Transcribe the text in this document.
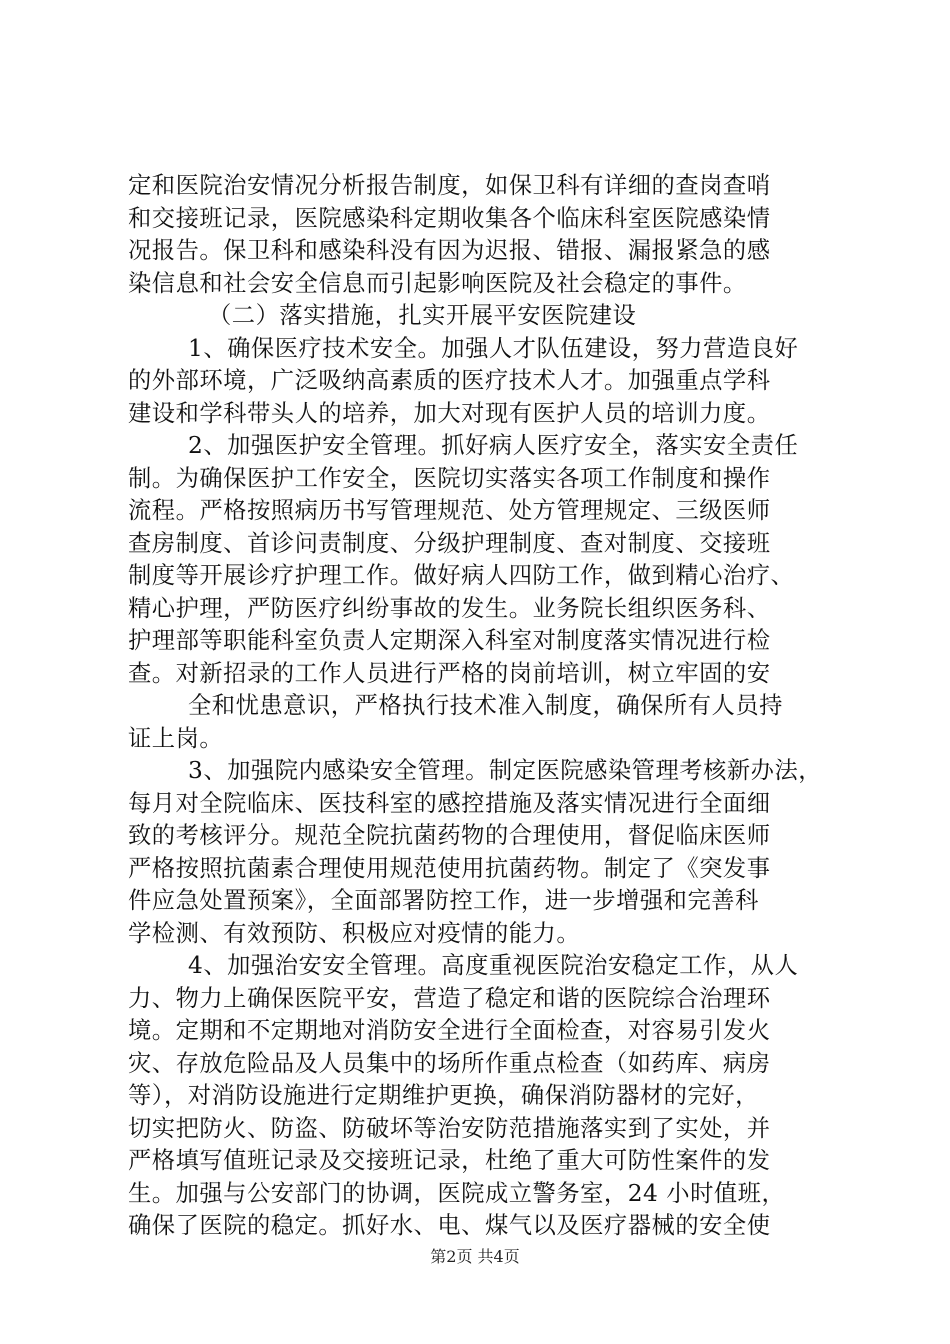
定和医院治安情况分析报告制度，如保卫科有详细的查岗查哨
和交接班记录，医院感染科定期收集各个临床科室医院感染情
况报告。保卫科和感染科没有因为迟报、错报、漏报紧急的感
染信息和社会安全信息而引起影响医院及社会稳定的事件。
（二）落实措施，扎实开展平安医院建设
1、确保医疗技术安全。加强人才队伍建设，努力营造良好
的外部环境，广泛吸纳高素质的医疗技术人才。加强重点学科
建设和学科带头人的培养，加大对现有医护人员的培训力度。
2、加强医护安全管理。抓好病人医疗安全，落实安全责任
制。为确保医护工作安全，医院切实落实各项工作制度和操作
流程。严格按照病历书写管理规范、处方管理规定、三级医师
查房制度、首诊问责制度、分级护理制度、查对制度、交接班
制度等开展诊疗护理工作。做好病人四防工作，做到精心治疗、
精心护理，严防医疗纠纷事故的发生。业务院长组织医务科、
护理部等职能科室负责人定期深入科室对制度落实情况进行检
查。对新招录的工作人员进行严格的岗前培训，树立牢固的安
全和忧患意识，严格执行技术准入制度，确保所有人员持
证上岗。
3、加强院内感染安全管理。制定医院感染管理考核新办法，
每月对全院临床、医技科室的感控措施及落实情况进行全面细
致的考核评分。规范全院抗菌药物的合理使用，督促临床医师
严格按照抗菌素合理使用规范使用抗菌药物。制定了《突发事
件应急处置预案》，全面部署防控工作，进一步增强和完善科
学检测、有效预防、积极应对疫情的能力。
4、加强治安安全管理。高度重视医院治安稳定工作，从人
力、物力上确保医院平安，营造了稳定和谐的医院综合治理环
境。定期和不定期地对消防安全进行全面检查，对容易引发火
灾、存放危险品及人员集中的场所作重点检查（如药库、病房
等），对消防设施进行定期维护更换，确保消防器材的完好，
切实把防火、防盗、防破坏等治安防范措施落实到了实处，并
严格填写值班记录及交接班记录，杜绝了重大可防性案件的发
生。加强与公安部门的协调，医院成立警务室，24 小时值班，
确保了医院的稳定。抓好水、电、煤气以及医疗器械的安全使
第2页 共4页
